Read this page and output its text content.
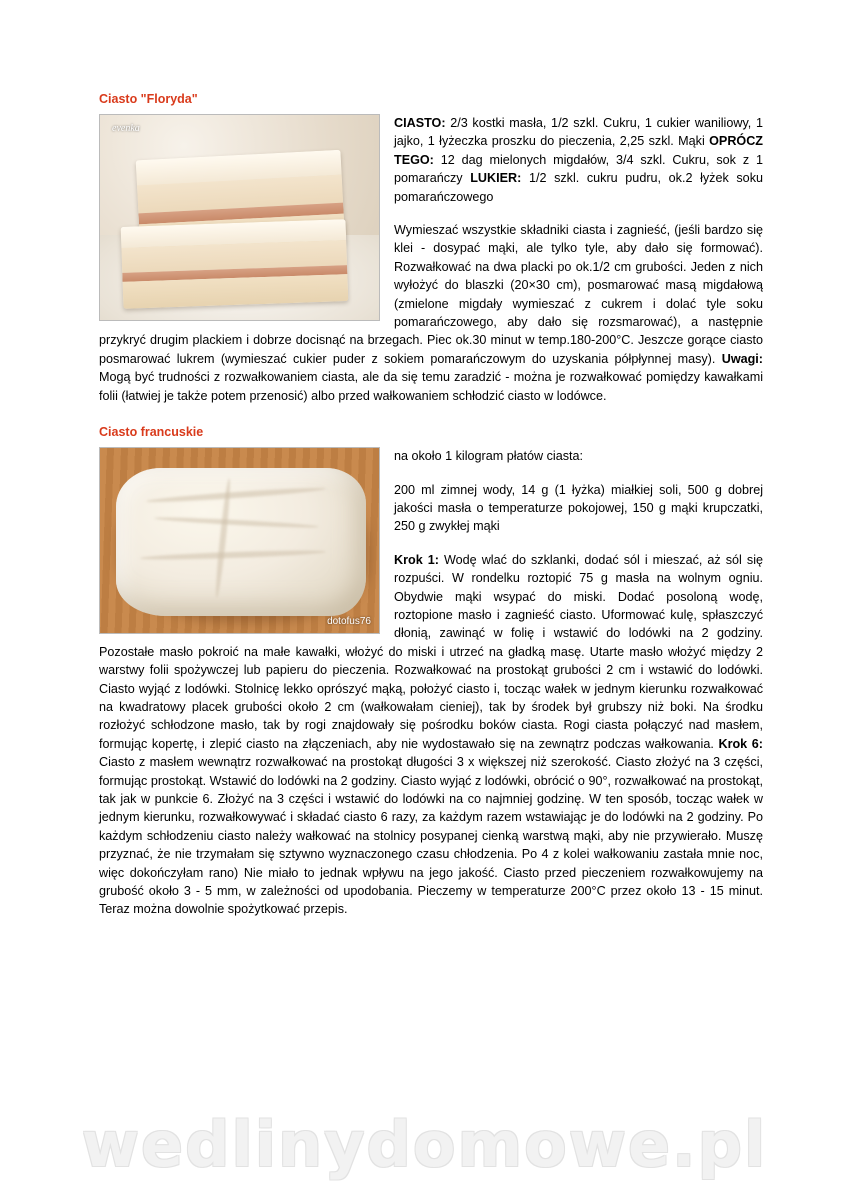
Ciasto "Floryda"
evenka	CIASTO: 2/3 kostki masła, 1/2 szkl. Cukru, 1 cukier waniliowy, 1 jajko, 1 łyżeczka proszku do pieczenia, 2,25 szkl. Mąki OPRÓCZ TEGO: 12 dag mielonych migdałów, 3/4 szkl. Cukru, sok z 1 pomarańczy LUKIER: 1/2 szkl. cukru pudru, ok.2 łyżek soku pomarańczowego

Wymieszać wszystkie składniki ciasta i zagnieść, (jeśli bardzo się klei - dosypać mąki, ale tylko tyle, aby dało się formować). Rozwałkować na dwa placki po ok.1/2 cm grubości. Jeden z nich wyłożyć do blaszki (20×30 cm), posmarować masą migdałową (zmielone migdały wymieszać z cukrem i dolać tyle soku pomarańczowego, aby dało się rozsmarować), a następnie przykryć drugim plackiem i dobrze docisnąć na brzegach. Piec ok.30 minut w temp.180-200°C. Jeszcze gorące ciasto posmarować lukrem (wymieszać cukier puder z sokiem pomarańczowym do uzyskania półpłynnej masy). Uwagi: Mogą być trudności z rozwałkowaniem ciasta, ale da się temu zaradzić - można je rozwałkować pomiędzy kawałkami folii (łatwiej je także potem przenosić) albo przed wałkowaniem schłodzić ciasto w lodówce.

Ciasto francuskie
dotofus76

na około 1 kilogram płatów ciasta:

200 ml zimnej wody, 14 g (1 łyżka) miałkiej soli, 500 g dobrej jakości masła o temperaturze pokojowej, 150 g mąki krupczatki, 250 g zwykłej mąki

Krok 1: Wodę wlać do szklanki, dodać sól i mieszać, aż sól się rozpuści. W rondelku roztopić 75 g masła na wolnym ogniu. Obydwie mąki wsypać do miski. Dodać posoloną wodę, roztopione masło i zagnieść ciasto. Uformować kulę, spłaszczyć dłonią, zawinąć w folię i wstawić do lodówki na 2 godziny. Pozostałe masło pokroić na małe kawałki, włożyć do miski i utrzeć na gładką masę. Utarte masło włożyć między 2 warstwy folii spożywczej lub papieru do pieczenia. Rozwałkować na prostokąt grubości 2 cm i wstawić do lodówki. Ciasto wyjąć z lodówki. Stolnicę lekko oprószyć mąką, położyć ciasto i, tocząc wałek w jednym kierunku rozwałkować na kwadratowy placek grubości około 2 cm (wałkowałam cieniej), tak by środek był grubszy niż boki. Na środku rozłożyć schłodzone masło, tak by rogi znajdowały się pośrodku boków ciasta. Rogi ciasta połączyć nad masłem, formując kopertę, i zlepić ciasto na złączeniach, aby nie wydostawało się na zewnątrz podczas wałkowania. Krok 6: Ciasto z masłem wewnątrz rozwałkować na prostokąt długości 3 x większej niż szerokość. Ciasto złożyć na 3 części, formując prostokąt. Wstawić do lodówki na 2 godziny. Ciasto wyjąć z lodówki, obrócić o 90°, rozwałkować na prostokąt, tak jak w punkcie 6. Złożyć na 3 części i wstawić do lodówki na co najmniej godzinę. W ten sposób, tocząc wałek w jednym kierunku, rozwałkowywać i składać ciasto 6 razy, za każdym razem wstawiając je do lodówki na 2 godziny. Po każdym schłodzeniu ciasto należy wałkować na stolnicy posypanej cienką warstwą mąki, aby nie przywierało. Muszę przyznać, że nie trzymałam się sztywno wyznaczonego czasu chłodzenia. Po 4 z kolei wałkowaniu zastała mnie noc, więc dokończyłam rano) Nie miało to jednak wpływu na jego jakość. Ciasto przed pieczeniem rozwałkowujemy na grubość około 3 - 5 mm, w zależności od upodobania. Pieczemy w temperaturze 200°C przez około 13 - 15 minut. Teraz można dowolnie spożytkować przepis.

wedlinydomowe.pl
